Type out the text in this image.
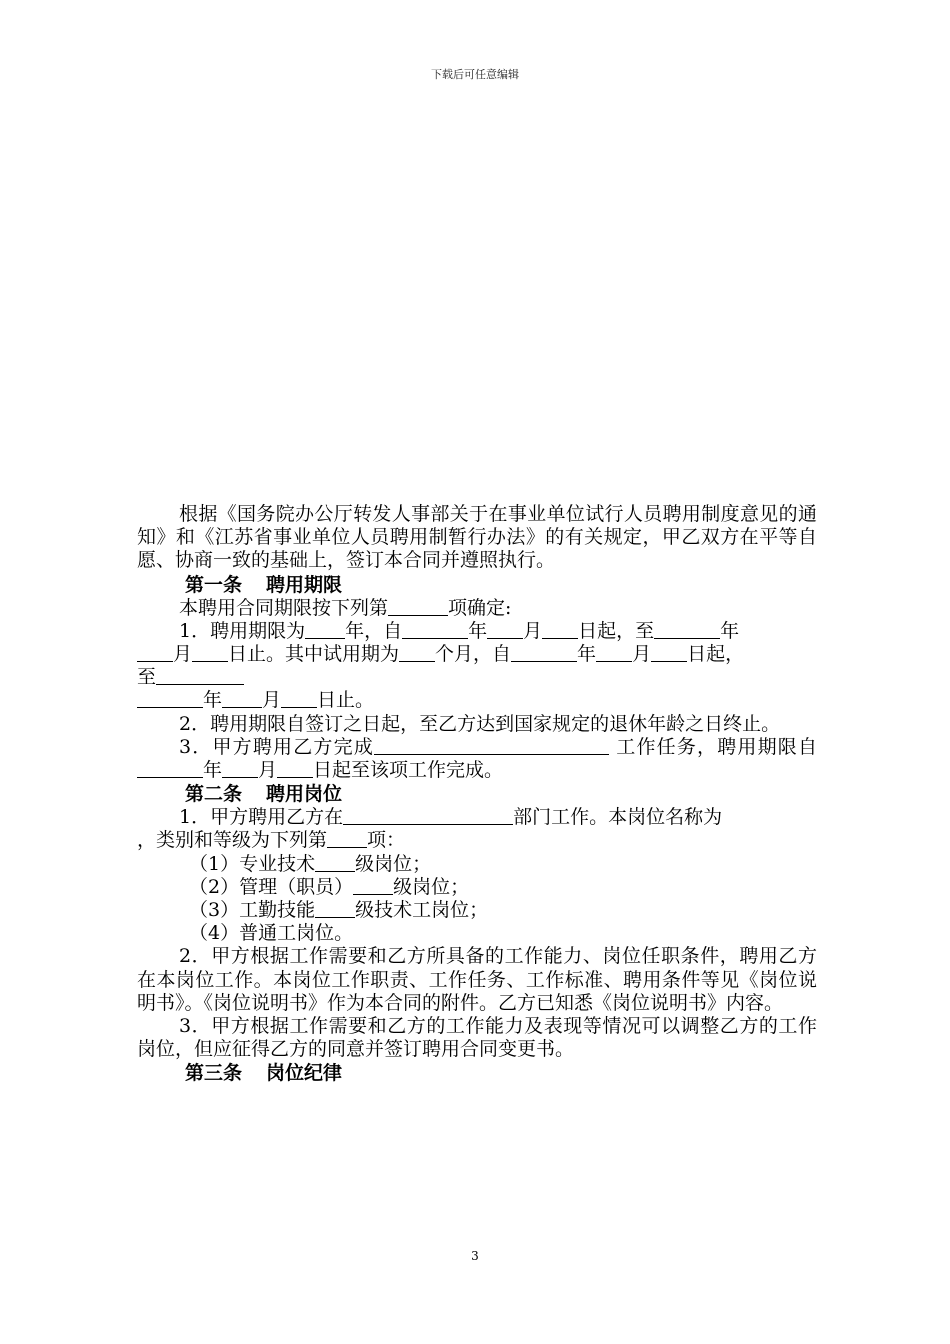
下载后可任意编辑

根据《国务院办公厅转发人事部关于在事业单位试行人员聘用制度意见的通知》和《江苏省事业单位人员聘用制暂行办法》的有关规定，甲乙双方在平等自愿、协商一致的基础上，签订本合同并遵照执行。

第一条 聘用期限

本聘用合同期限按下列第	项确定:

1．聘用期限为 年，自	年 月 日起，至	年
月 日止。其中试用期为 个月，自	年 月 日起，
至
年 月 日止。

2．聘用期限自签订之日起，至乙方达到国家规定的退休年龄之日终止。

3．甲方聘用乙方完成	工作任务，聘用期限自年 月 日起至该项工作完成。

第二条 聘用岗位

1．甲方聘用乙方在	部门工作。本岗位名称为
，类别和等级为下列第 项：

（1）专业技术 级岗位；

（2）管理（职员） 级岗位；

（3）工勤技能 级技术工岗位；

（4）普通工岗位。

2．甲方根据工作需要和乙方所具备的工作能力、岗位任职条件，聘用乙方在本岗位工作。本岗位工作职责、工作任务、工作标准、聘用条件等见《岗位说明书》。《岗位说明书》作为本合同的附件。乙方已知悉《岗位说明书》内容。

3．甲方根据工作需要和乙方的工作能力及表现等情况可以调整乙方的工作岗位，但应征得乙方的同意并签订聘用合同变更书。

第三条 岗位纪律

3
